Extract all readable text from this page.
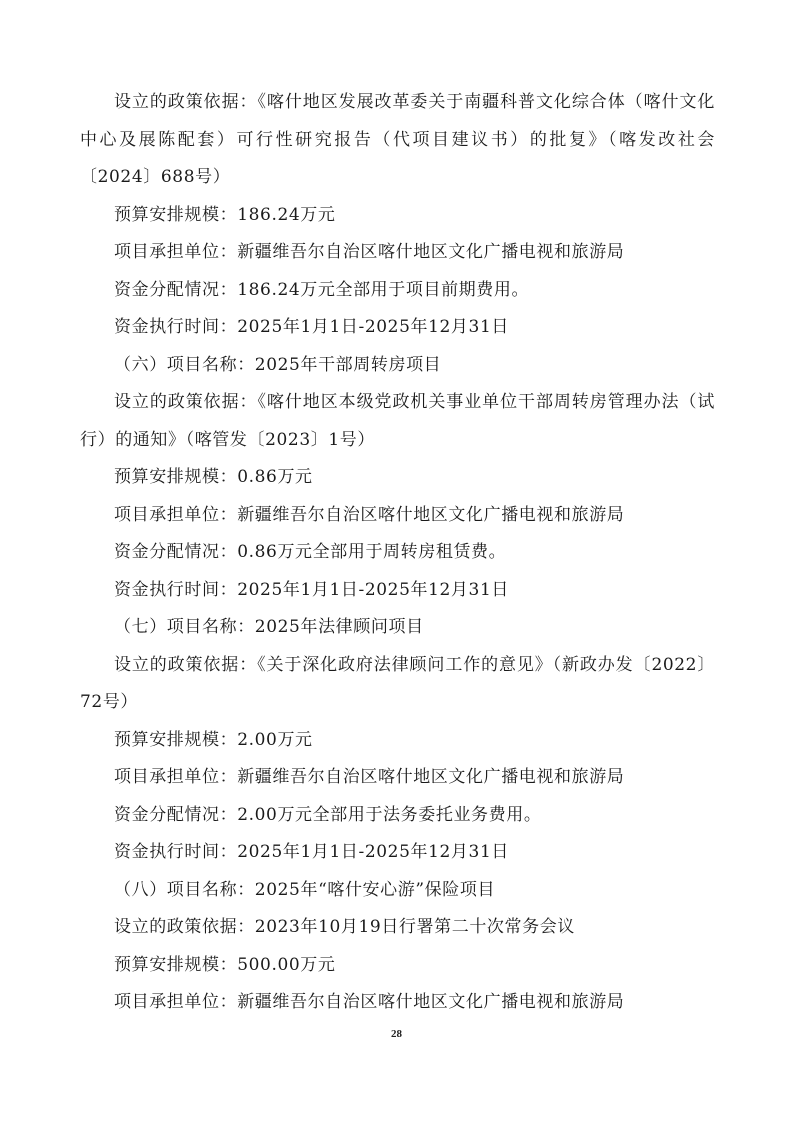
设立的政策依据：《喀什地区发展改革委关于南疆科普文化综合体（喀什文化中心及展陈配套）可行性研究报告（代项目建议书）的批复》（喀发改社会〔2024〕688号）

预算安排规模：186.24万元

项目承担单位：新疆维吾尔自治区喀什地区文化广播电视和旅游局

资金分配情况：186.24万元全部用于项目前期费用。

资金执行时间：2025年1月1日-2025年12月31日

（六）项目名称：2025年干部周转房项目

设立的政策依据：《喀什地区本级党政机关事业单位干部周转房管理办法（试行）的通知》（喀管发〔2023〕1号）

预算安排规模：0.86万元

项目承担单位：新疆维吾尔自治区喀什地区文化广播电视和旅游局

资金分配情况：0.86万元全部用于周转房租赁费。

资金执行时间：2025年1月1日-2025年12月31日

（七）项目名称：2025年法律顾问项目

设立的政策依据：《关于深化政府法律顾问工作的意见》（新政办发〔2022〕72号）

预算安排规模：2.00万元

项目承担单位：新疆维吾尔自治区喀什地区文化广播电视和旅游局

资金分配情况：2.00万元全部用于法务委托业务费用。

资金执行时间：2025年1月1日-2025年12月31日

（八）项目名称：2025年“喀什安心游”保险项目

设立的政策依据：2023年10月19日行署第二十次常务会议

预算安排规模：500.00万元

项目承担单位：新疆维吾尔自治区喀什地区文化广播电视和旅游局

28
